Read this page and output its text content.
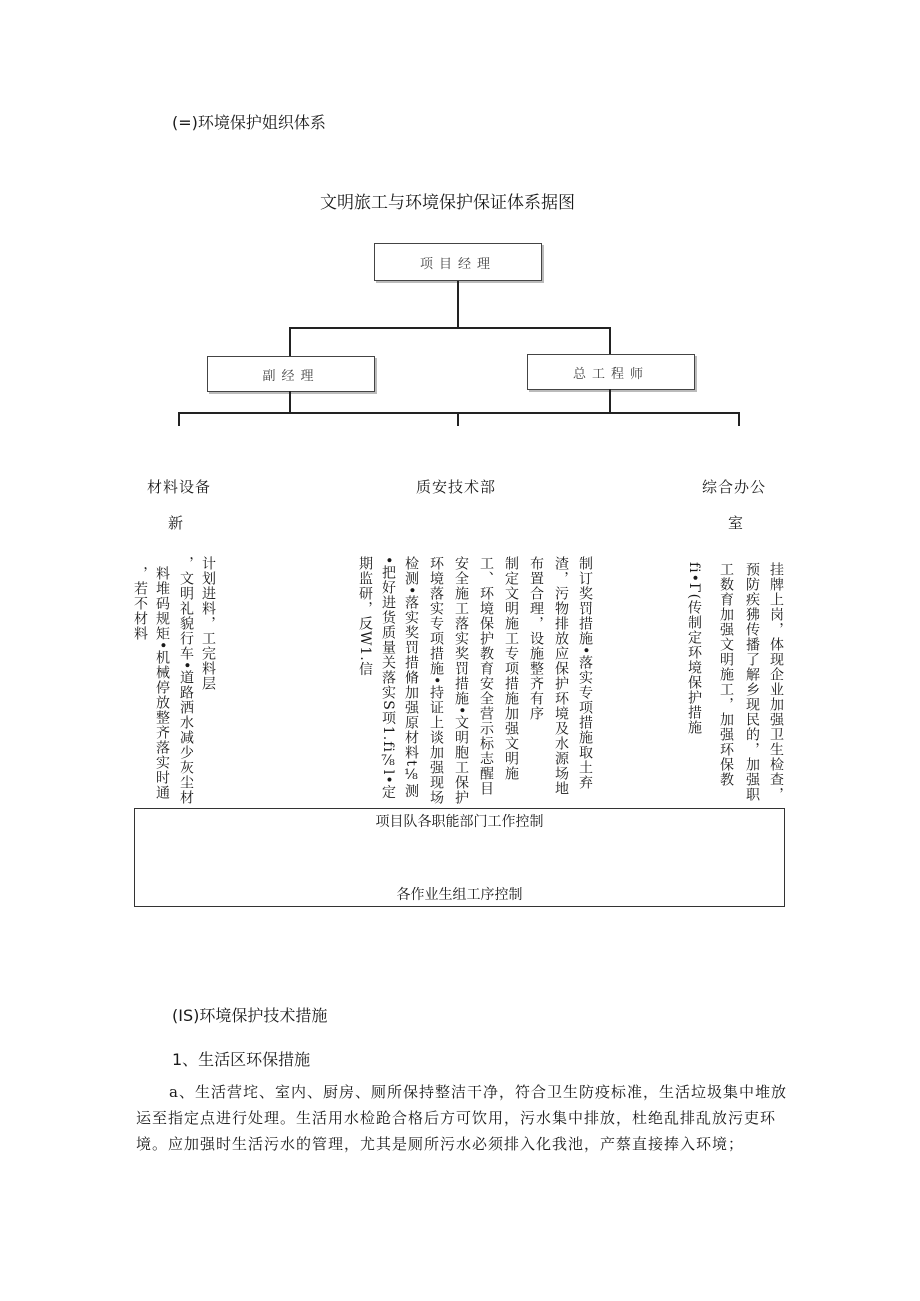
(=)环境保护姐织体系
文明旅工与环境保护保证体系据图
项目经理
副经理	总工程师
材料设备
新
质安技术部	综合办公
室
计划进料，工完料层
，文明礼貌行车•道路洒水减少灰尘材
料堆码规矩•机械停放整齐落实时通
，若不材料	•把好进货质量关落实S项1.fi⅞l•定
期监研，反W1.信 检测•落实奖罚措脩加强原材料t⅛测 环境落实专项措施•持证上谈加强现场 安全施工落实奖罚措施•文明胞工保护 工、环境保护教育安全营示标志醒目 制定文明施工专项措施加强文明施 布置合理，设施整齐有序 渣，污物排放应保护环境及水源场地 制订奖罚措施•落实专项措施取土弃	fi•Γ(传制定环境保护措施 工数育加强文明施工，加强环保教 预防疾狒传播了解乡现民的，加强职 挂牌上岗，体现企业加强卫生检查，
项目队各职能部门工作控制
各作业生组工序控制
(IS)环境保护技术措施
1、生活区环保措施
a、生活营垞、室内、厨房、厕所保持整洁干净，符合卫生防疫标准，生活垃圾集中堆放运至指定点进行处理。生活用水检跄合格后方可饮用，污水集中排放，杜绝乱排乱放污吏环境。应加强时生活污水的管理，尤其是厕所污水必须排入化我池，产蔡直接捧入环境；
